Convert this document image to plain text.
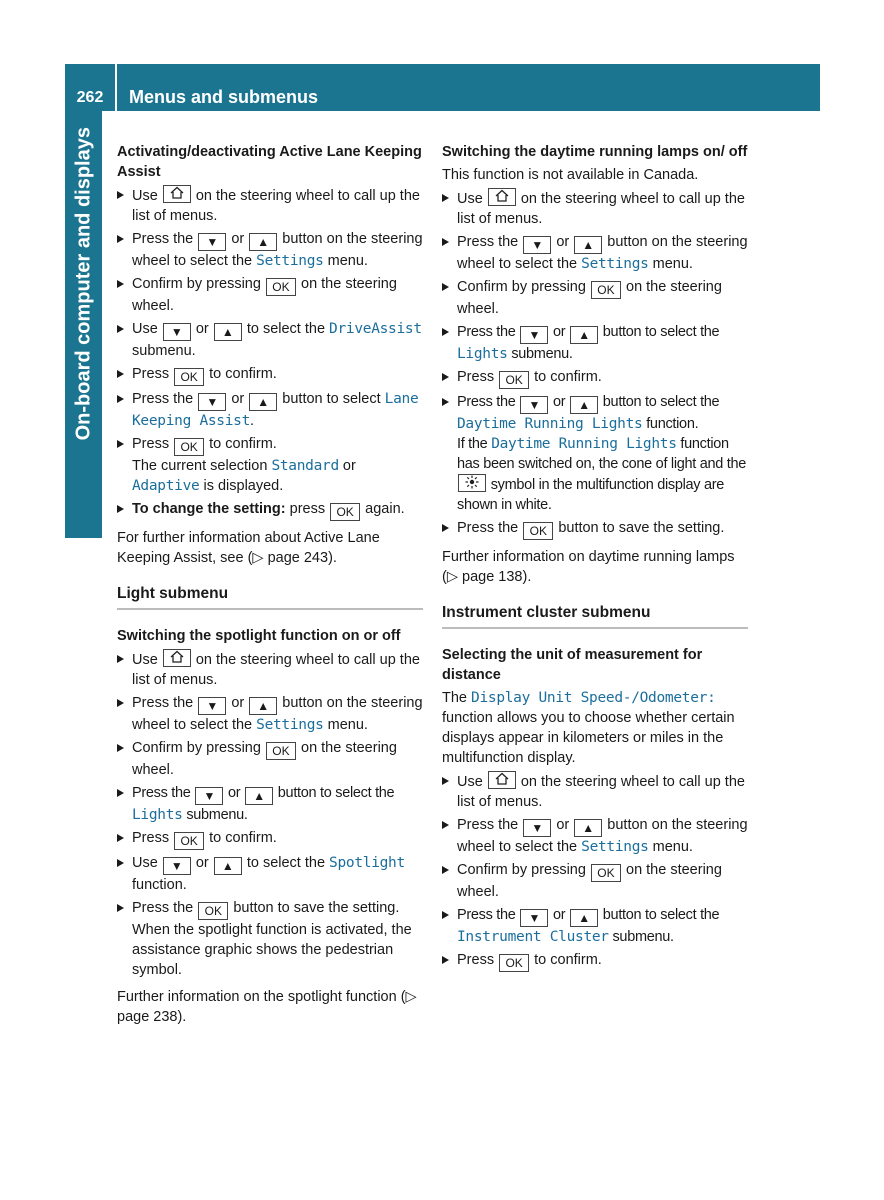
262	Menus and submenus
On-board computer and displays Activating/deactivating Active Lane Keeping Assist

Use	on the steering wheel to call up the list of menus.
Press the ▼ or ▲ button on the steering wheel to select the Settings menu.
Confirm by pressing OK on the steering wheel.
Use ▼ or ▲ to select the DriveAssist submenu.
Press OK to confirm.
Press the ▼ or ▲ button to select Lane Keeping Assist.
Press OK to confirm.
The current selection Standard or Adaptive is displayed.
To change the setting: press OK again.

For further information about Active Lane Keeping Assist, see (▷ page 243).

Light submenu

Switching the spotlight function on or off

Use	on the steering wheel to call up the list of menus.
Press the ▼ or ▲ button on the steering wheel to select the Settings menu.
Confirm by pressing OK on the steering wheel.
Press the ▼ or ▲ button to select the Lights submenu.
Press OK to confirm.
Use ▼ or ▲ to select the Spotlight function.
Press the OK button to save the setting.
When the spotlight function is activated, the assistance graphic shows the pedestrian symbol.

Further information on the spotlight function (▷ page 238).

Switching the daytime running lamps on/ off

This function is not available in Canada.

Use	on the steering wheel to call up the list of menus.
Press the ▼ or ▲ button on the steering wheel to select the Settings menu.
Confirm by pressing OK on the steering wheel.
Press the ▼ or ▲ button to select the Lights submenu.
Press OK to confirm.
Press the ▼ or ▲ button to select the Daytime Running Lights function.
If the Daytime Running Lights function has been switched on, the cone of light and the
symbol in the multifunction display are shown in white.
Press the OK button to save the setting.

Further information on daytime running lamps (▷ page 138).

Instrument cluster submenu

Selecting the unit of measurement for distance

The Display Unit Speed-/Odometer: function allows you to choose whether certain displays appear in kilometers or miles in the multifunction display.

Use	on the steering wheel to call up the list of menus.
Press the ▼ or ▲ button on the steering wheel to select the Settings menu.
Confirm by pressing OK on the steering wheel.
Press the ▼ or ▲ button to select the Instrument Cluster submenu.
Press OK to confirm.
